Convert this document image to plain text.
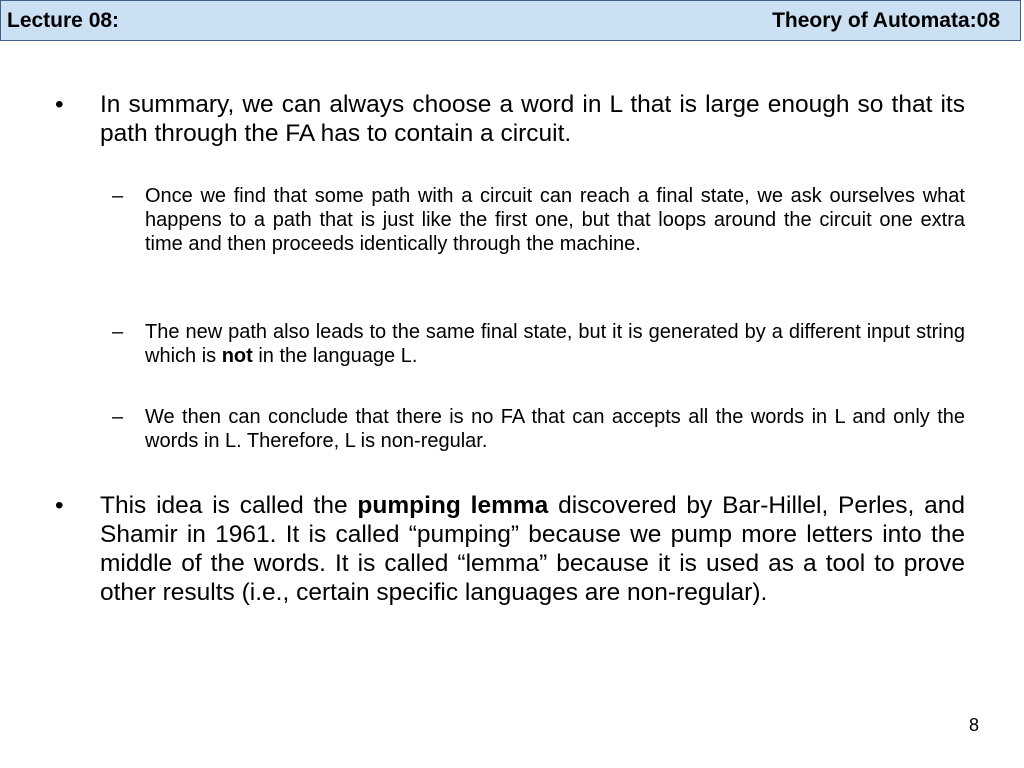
Lecture 08:	Theory of Automata:08
•	In summary, we can always choose a word in L that is large enough so that its path through the FA has to contain a circuit.
–	Once we find that some path with a circuit can reach a final state, we ask ourselves what happens to a path that is just like the first one, but that loops around the circuit one extra time and then proceeds identically through the machine.
–	The new path also leads to the same final state, but it is generated by a different input string which is not in the language L.
–	We then can conclude that there is no FA that can accepts all the words in L and only the words in L. Therefore, L is non-regular.
•	This idea is called the pumping lemma discovered by Bar-Hillel, Perles, and Shamir in 1961. It is called “pumping” because we pump more letters into the middle of the words. It is called “lemma” because it is used as a tool to prove other results (i.e., certain specific languages are non-regular).
8
